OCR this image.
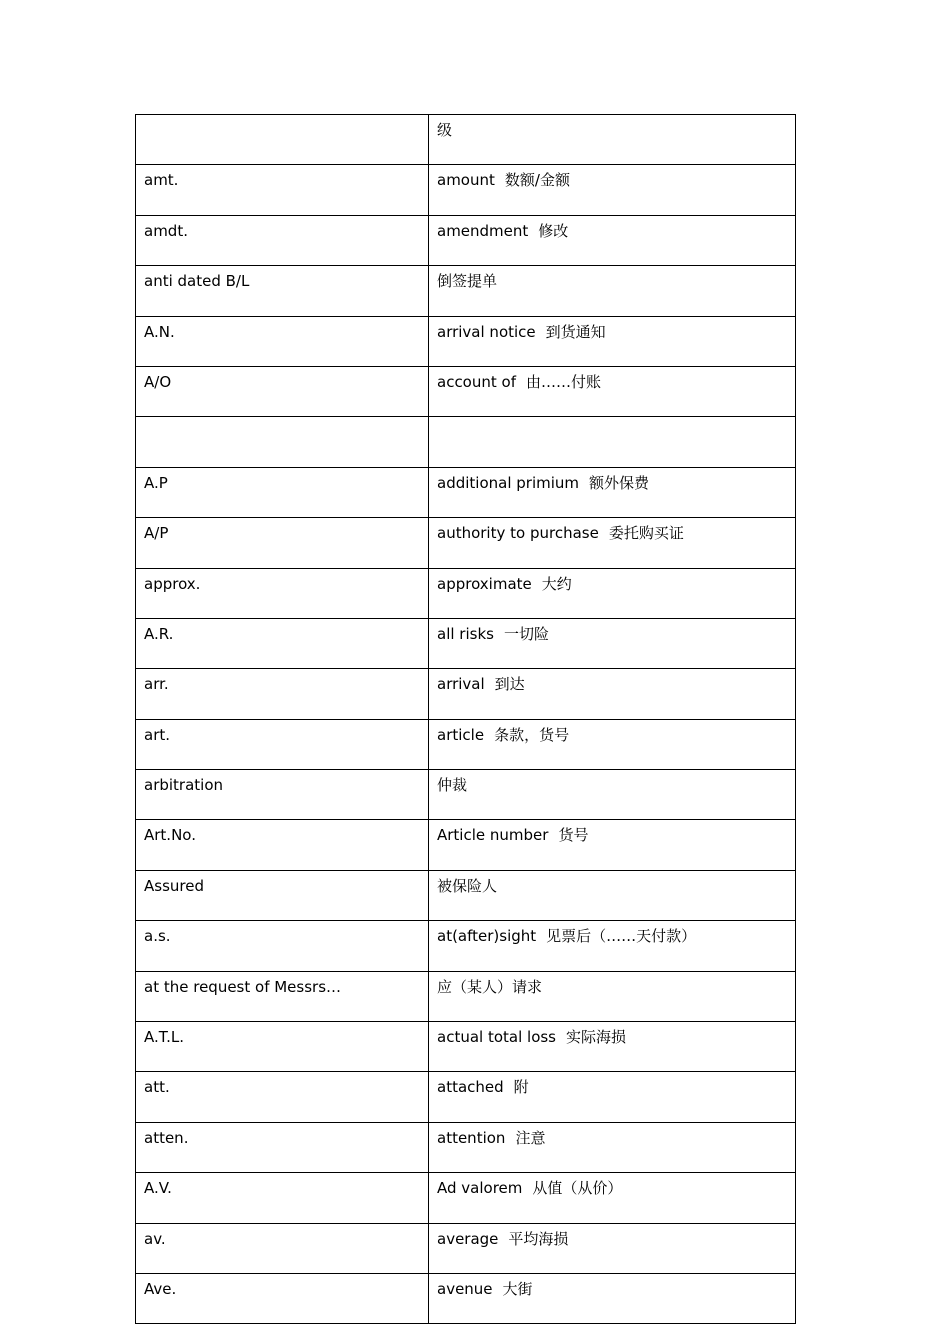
	级
amt.	amount 数额/金额
amdt.	amendment 修改
anti dated B/L	倒签提单
A.N.	arrival notice 到货通知
A/O	account of 由……付账

A.P	additional primium 额外保费
A/P	authority to purchase 委托购买证
approx.	approximate 大约
A.R.	all risks 一切险
arr.	arrival 到达
art.	article 条款，货号
arbitration	仲裁
Art.No.	Article number 货号
Assured	被保险人
a.s.	at(after)sight 见票后（……天付款）
at the request of Messrs…	应（某人）请求
A.T.L.	actual total loss 实际海损
att.	attached 附
atten.	attention 注意
A.V.	Ad valorem 从值（从价）
av.	average 平均海损
Ave.	avenue 大街
